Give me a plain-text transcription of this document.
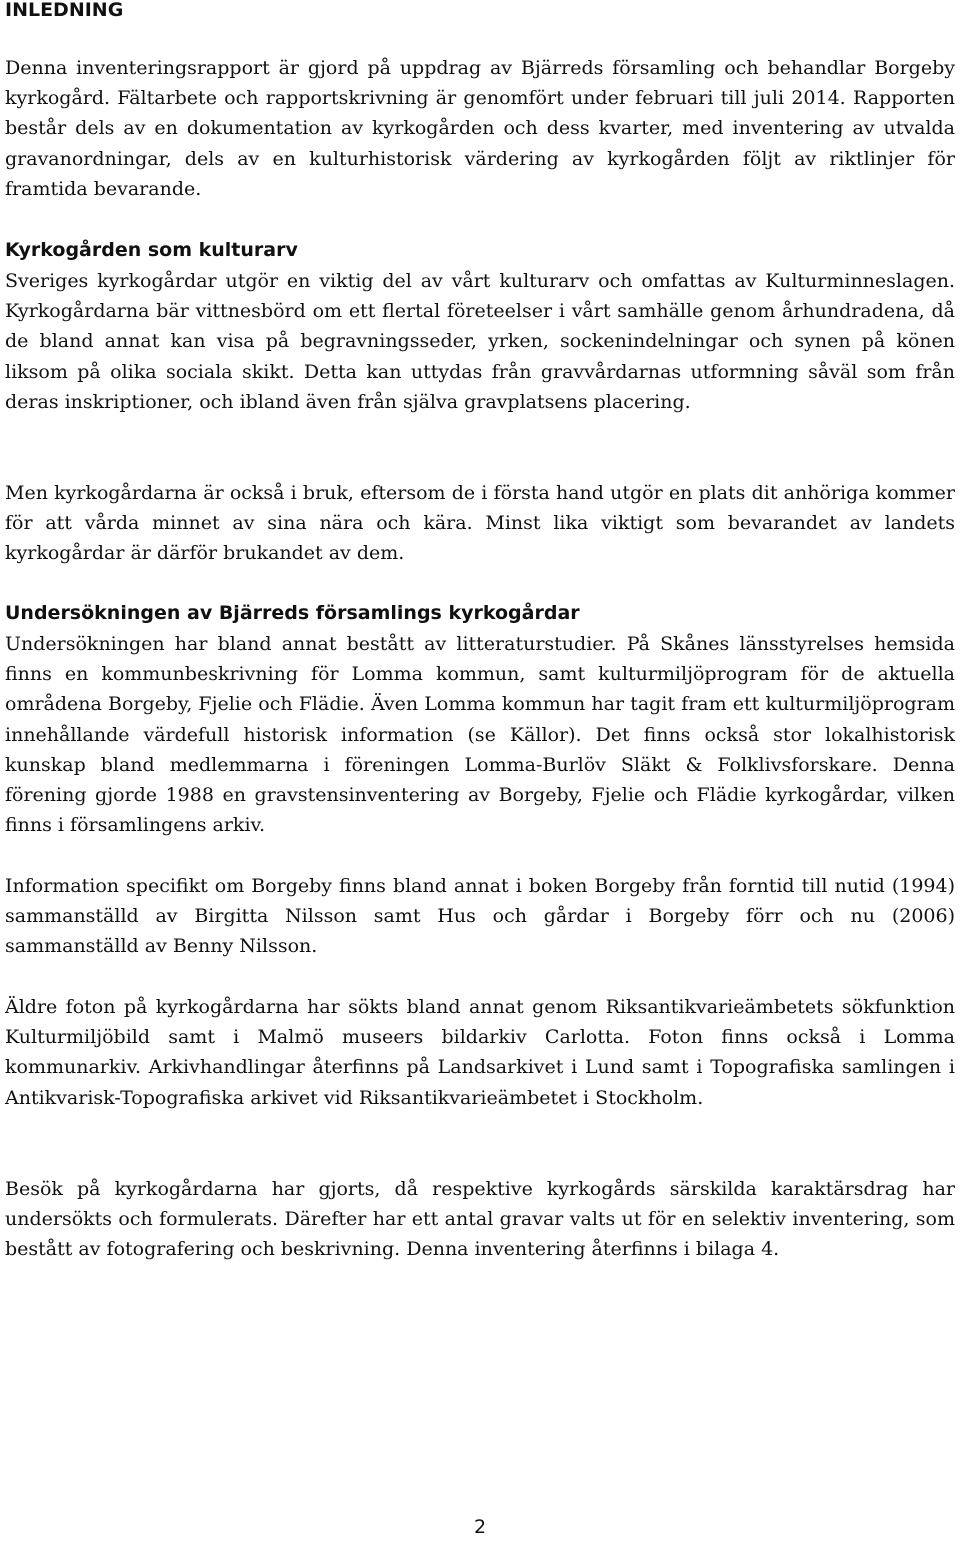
INLEDNING

Denna inventeringsrapport är gjord på uppdrag av Bjärreds församling och behandlar Borgeby kyrkogård. Fältarbete och rapportskrivning är genomfört under februari till juli 2014. Rapporten består dels av en dokumentation av kyrkogården och dess kvarter, med inventering av utvalda gravanordningar, dels av en kulturhistorisk värdering av kyrkogården följt av riktlinjer för framtida bevarande.

Kyrkogården som kulturarv

Sveriges kyrkogårdar utgör en viktig del av vårt kulturarv och omfattas av Kulturminneslagen. Kyrkogårdarna bär vittnesbörd om ett flertal företeelser i vårt samhälle genom århundradena, då de bland annat kan visa på begravningsseder, yrken, sockenindelningar och synen på könen liksom på olika sociala skikt. Detta kan uttydas från gravvårdarnas utformning såväl som från deras inskriptioner, och ibland även från själva gravplatsens placering.

Men kyrkogårdarna är också i bruk, eftersom de i första hand utgör en plats dit anhöriga kommer för att vårda minnet av sina nära och kära. Minst lika viktigt som bevarandet av landets kyrkogårdar är därför brukandet av dem.

Undersökningen av Bjärreds församlings kyrkogårdar

Undersökningen har bland annat bestått av litteraturstudier. På Skånes länsstyrelses hemsida finns en kommunbeskrivning för Lomma kommun, samt kulturmiljöprogram för de aktuella områdena Borgeby, Fjelie och Flädie. Även Lomma kommun har tagit fram ett kulturmiljöprogram innehållande värdefull historisk information (se Källor). Det finns också stor lokalhistorisk kunskap bland medlemmarna i föreningen Lomma-Burlöv Släkt & Folklivsforskare. Denna förening gjorde 1988 en gravstensinventering av Borgeby, Fjelie och Flädie kyrkogårdar, vilken finns i församlingens arkiv.

Information specifikt om Borgeby finns bland annat i boken Borgeby från forntid till nutid (1994) sammanställd av Birgitta Nilsson samt Hus och gårdar i Borgeby förr och nu (2006) sammanställd av Benny Nilsson.

Äldre foton på kyrkogårdarna har sökts bland annat genom Riksantikvarieämbetets sökfunktion Kulturmiljöbild samt i Malmö museers bildarkiv Carlotta. Foton finns också i Lomma kommunarkiv. Arkivhandlingar återfinns på Landsarkivet i Lund samt i Topografiska samlingen i Antikvarisk-Topografiska arkivet vid Riksantikvarieämbetet i Stockholm.

Besök på kyrkogårdarna har gjorts, då respektive kyrkogårds särskilda karaktärsdrag har undersökts och formulerats. Därefter har ett antal gravar valts ut för en selektiv inventering, som bestått av fotografering och beskrivning. Denna inventering återfinns i bilaga 4.

2
